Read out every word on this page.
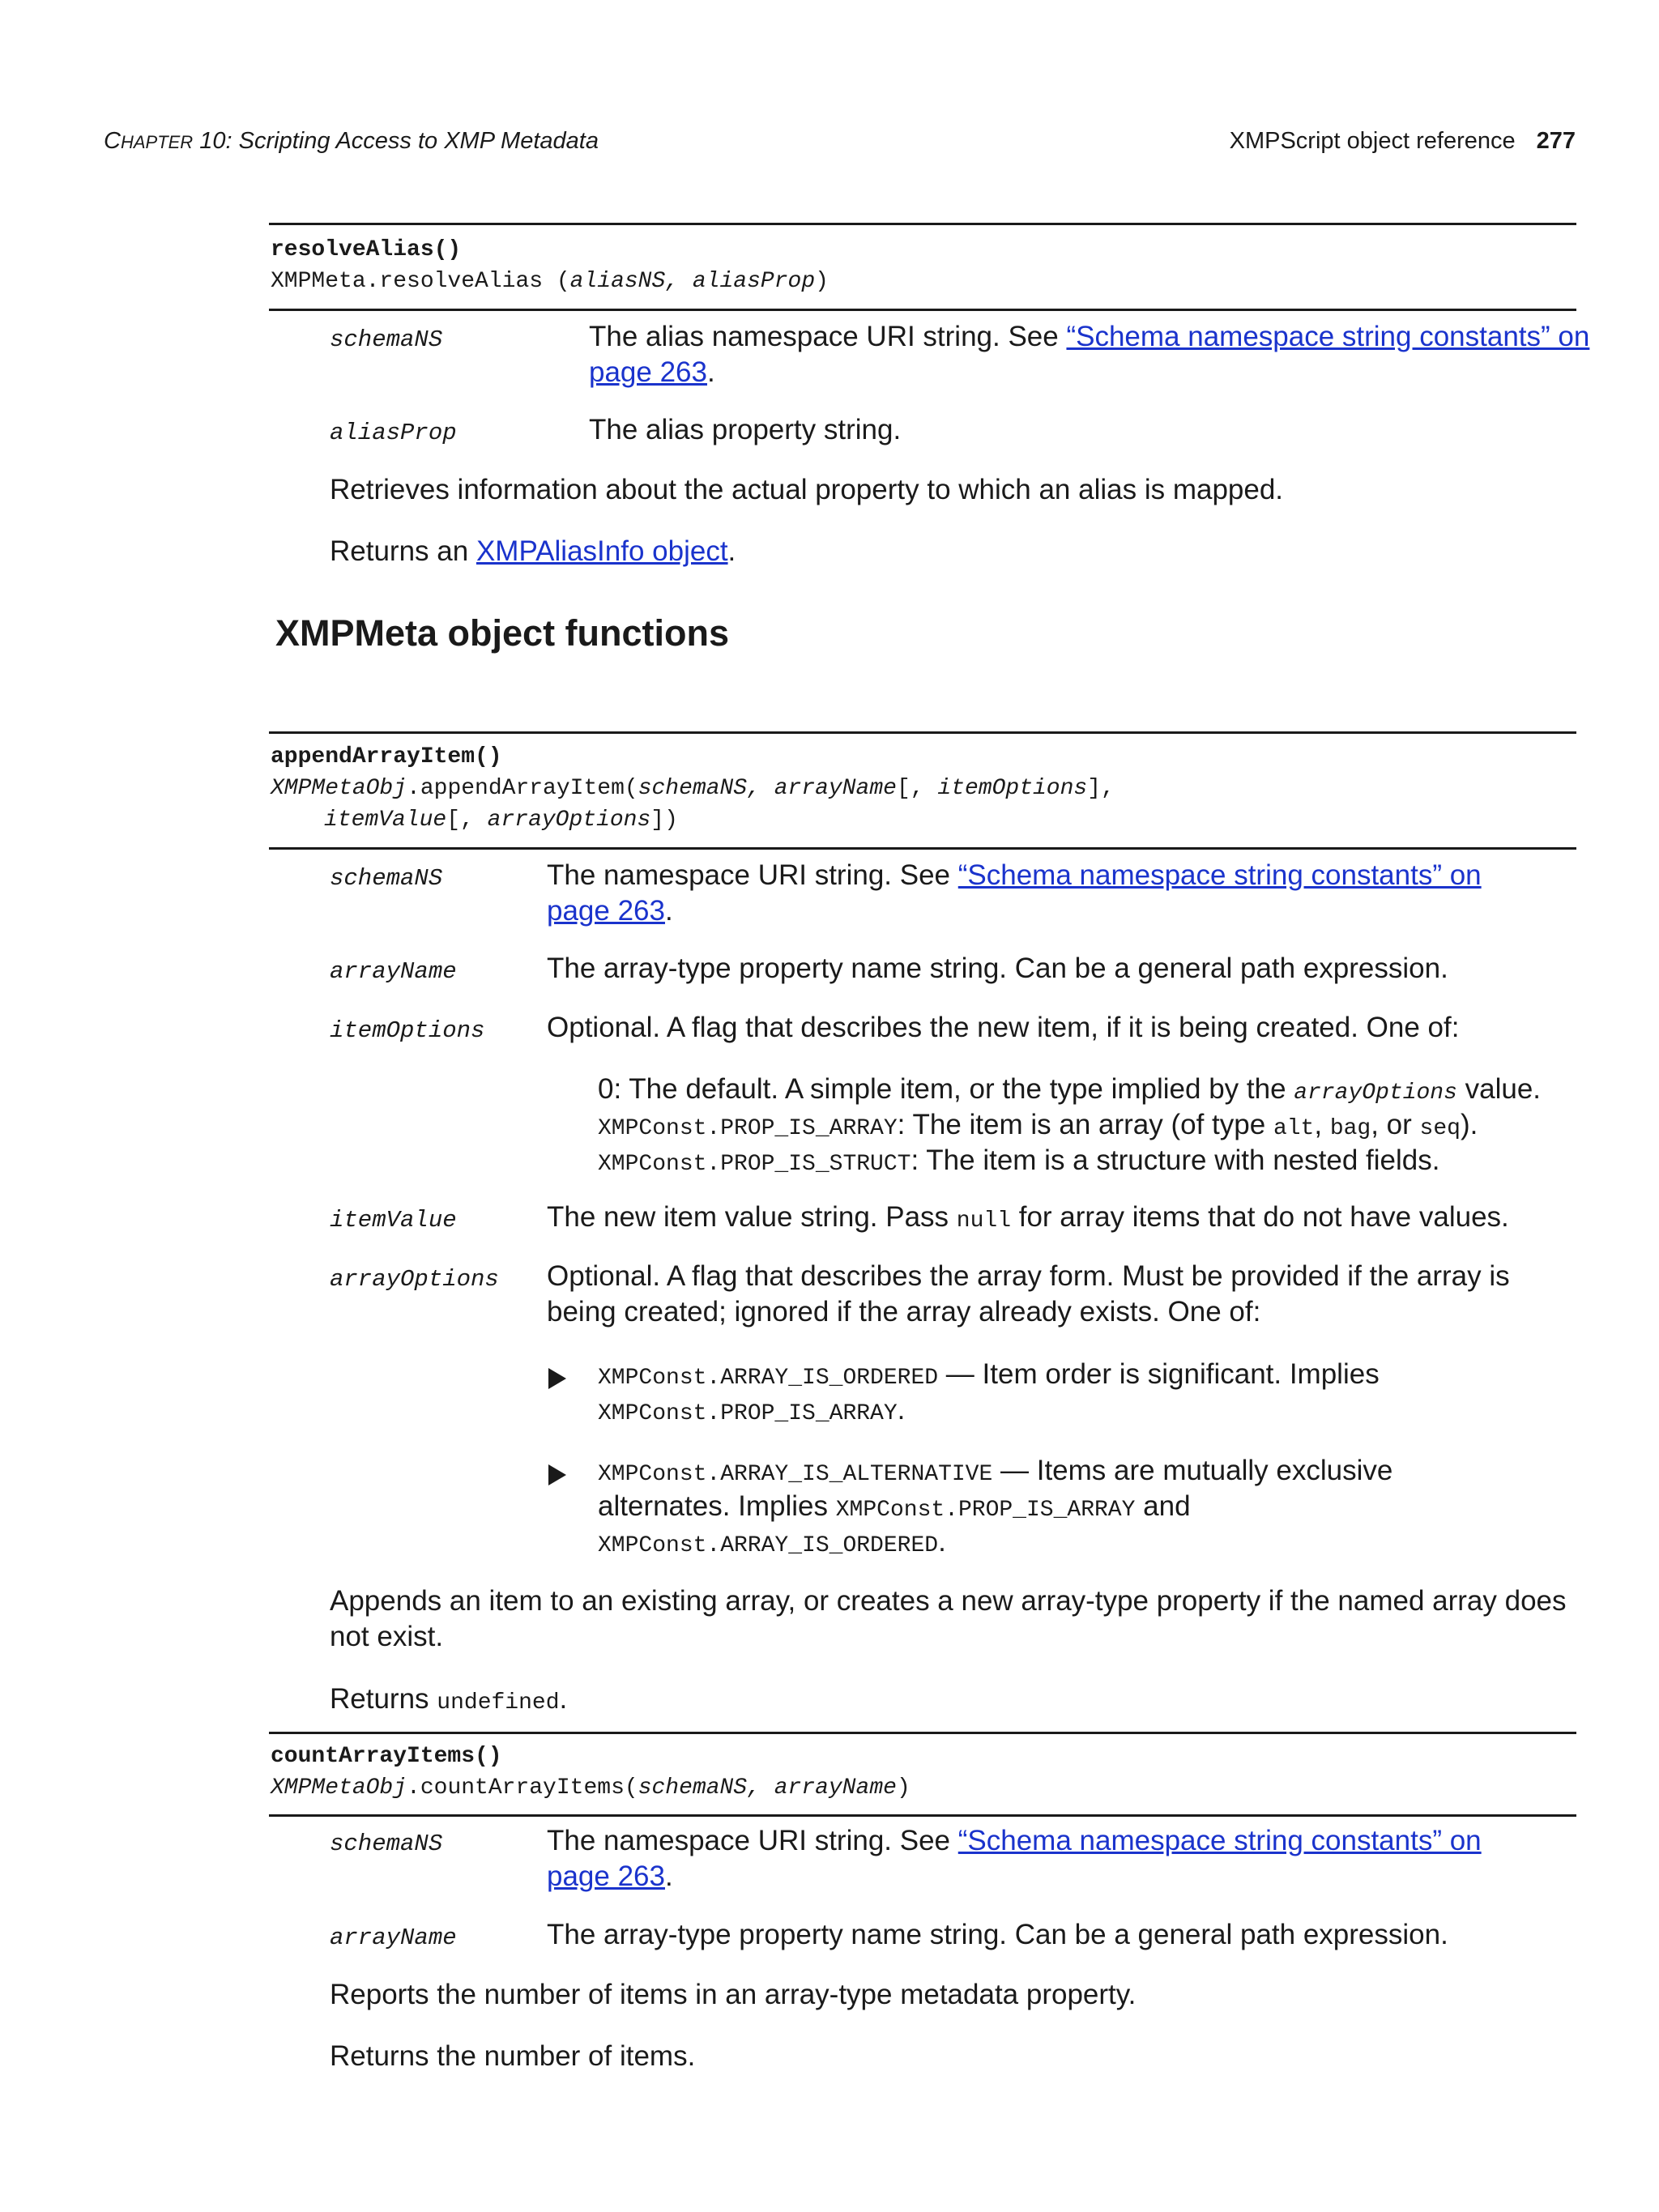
CHAPTER 10: Scripting Access to XMP Metadata	XMPScript object reference 277
resolveAlias()
XMPMeta.resolveAlias (aliasNS, aliasProp)
schemaNS	The alias namespace URI string. See “Schema namespace string constants” on
page 263.
aliasProp	The alias property string.
Retrieves information about the actual property to which an alias is mapped.
Returns an XMPAliasInfo object.
XMPMeta object functions
appendArrayItem()
XMPMetaObj.appendArrayItem(schemaNS, arrayName[, itemOptions],
itemValue[, arrayOptions])
schemaNS	The namespace URI string. See “Schema namespace string constants” on
page 263.
arrayName	The array-type property name string. Can be a general path expression.
itemOptions Optional. A flag that describes the new item, if it is being created. One of:
0: The default. A simple item, or the type implied by the arrayOptions value.
XMPConst.PROP_IS_ARRAY: The item is an array (of type alt, bag, or seq).
XMPConst.PROP_IS_STRUCT: The item is a structure with nested fields.
itemValue	The new item value string. Pass null for array items that do not have values.
arrayOptions Optional. A flag that describes the array form. Must be provided if the array is
being created; ignored if the array already exists. One of:
XMPConst.ARRAY_IS_ORDERED — Item order is significant. Implies
XMPConst.PROP_IS_ARRAY.
XMPConst.ARRAY_IS_ALTERNATIVE — Items are mutually exclusive
alternates. Implies XMPConst.PROP_IS_ARRAY and
XMPConst.ARRAY_IS_ORDERED.
Appends an item to an existing array, or creates a new array-type property if the named array does
not exist.
Returns undefined.
countArrayItems()
XMPMetaObj.countArrayItems(schemaNS, arrayName)
schemaNS	The namespace URI string. See “Schema namespace string constants” on
page 263.
arrayName	The array-type property name string. Can be a general path expression.
Reports the number of items in an array-type metadata property.
Returns the number of items.
